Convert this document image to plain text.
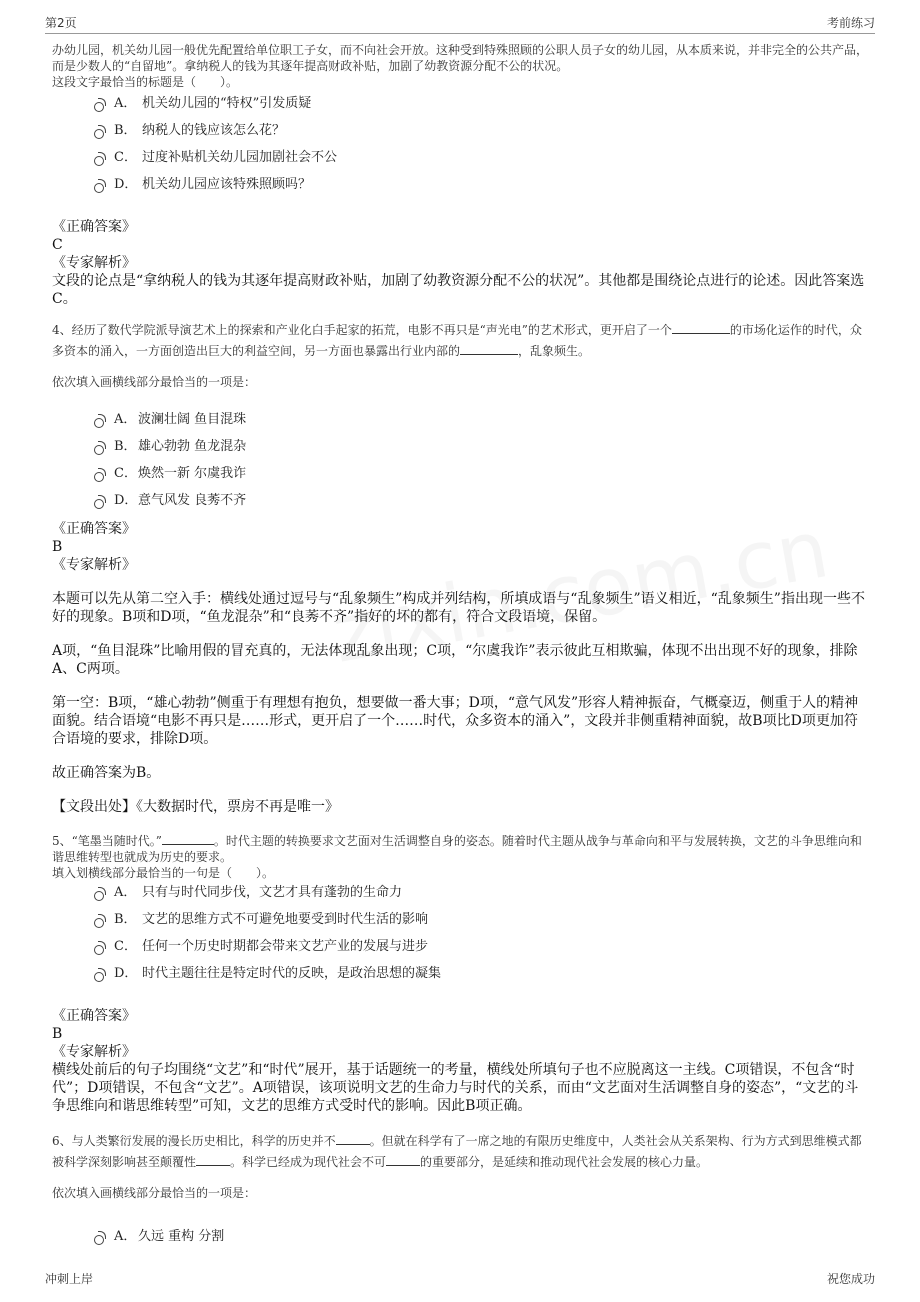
第2页	考前练习

办幼儿园，机关幼儿园一般优先配置给单位职工子女，而不向社会开放。这种受到特殊照顾的公职人员子女的幼儿园，从本质来说，并非完全的公共产品，而是少数人的“自留地”。拿纳税人的钱为其逐年提高财政补贴，加剧了幼教资源分配不公的状况。

这段文字最恰当的标题是（　　）。

A． 机关幼儿园的“特权”引发质疑
B． 纳税人的钱应该怎么花？
C． 过度补贴机关幼儿园加剧社会不公
D． 机关幼儿园应该特殊照顾吗？

《正确答案》

C

《专家解析》

文段的论点是“拿纳税人的钱为其逐年提高财政补贴，加剧了幼教资源分配不公的状况”。其他都是围绕论点进行的论述。因此答案选C。

4、经历了数代学院派导演艺术上的探索和产业化白手起家的拓荒，电影不再只是“声光电”的艺术形式，更开启了一个	的市场化运作的时代，众多资本的涌入，一方面创造出巨大的利益空间，另一方面也暴露出行业内部的	，乱象频生。

依次填入画横线部分最恰当的一项是：

A． 波澜壮阔 鱼目混珠
B． 雄心勃勃 鱼龙混杂
C． 焕然一新 尔虞我诈
D． 意气风发 良莠不齐

《正确答案》

B

《专家解析》

本题可以先从第二空入手：横线处通过逗号与“乱象频生”构成并列结构，所填成语与“乱象频生”语义相近，“乱象频生”指出现一些不好的现象。B项和D项，“鱼龙混杂”和“良莠不齐”指好的坏的都有，符合文段语境，保留。

A项，“鱼目混珠”比喻用假的冒充真的，无法体现乱象出现；C项，“尔虞我诈”表示彼此互相欺骗，体现不出出现不好的现象，排除A、C两项。

第一空：B项，“雄心勃勃”侧重于有理想有抱负，想要做一番大事；D项，“意气风发”形容人精神振奋，气概豪迈，侧重于人的精神面貌。结合语境“电影不再只是……形式，更开启了一个……时代，众多资本的涌入”，文段并非侧重精神面貌，故B项比D项更加符合语境的要求，排除D项。

故正确答案为B。

【文段出处】《大数据时代，票房不再是唯一》

5、“笔墨当随时代。”	。时代主题的转换要求文艺面对生活调整自身的姿态。随着时代主题从战争与革命向和平与发展转换，文艺的斗争思维向和谐思维转型也就成为历史的要求。

填入划横线部分最恰当的一句是（　　）。

A． 只有与时代同步伐，文艺才具有蓬勃的生命力
B． 文艺的思维方式不可避免地要受到时代生活的影响
C． 任何一个历史时期都会带来文艺产业的发展与进步
D． 时代主题往往是特定时代的反映，是政治思想的凝集

《正确答案》

B

《专家解析》

横线处前后的句子均围绕“文艺”和“时代”展开，基于话题统一的考量，横线处所填句子也不应脱离这一主线。C项错误，不包含“时代”；D项错误，不包含“文艺”。A项错误，该项说明文艺的生命力与时代的关系，而由“文艺面对生活调整自身的姿态”，“文艺的斗争思维向和谐思维转型”可知，文艺的思维方式受时代的影响。因此B项正确。

6、与人类繁衍发展的漫长历史相比，科学的历史并不	。但就在科学有了一席之地的有限历史维度中，人类社会从关系架构、行为方式到思维模式都被科学深刻影响甚至颠覆性	。科学已经成为现代社会不可	的重要部分，是延续和推动现代社会发展的核心力量。

依次填入画横线部分最恰当的一项是：

A． 久远 重构 分割
冲刺上岸	祝您成功
